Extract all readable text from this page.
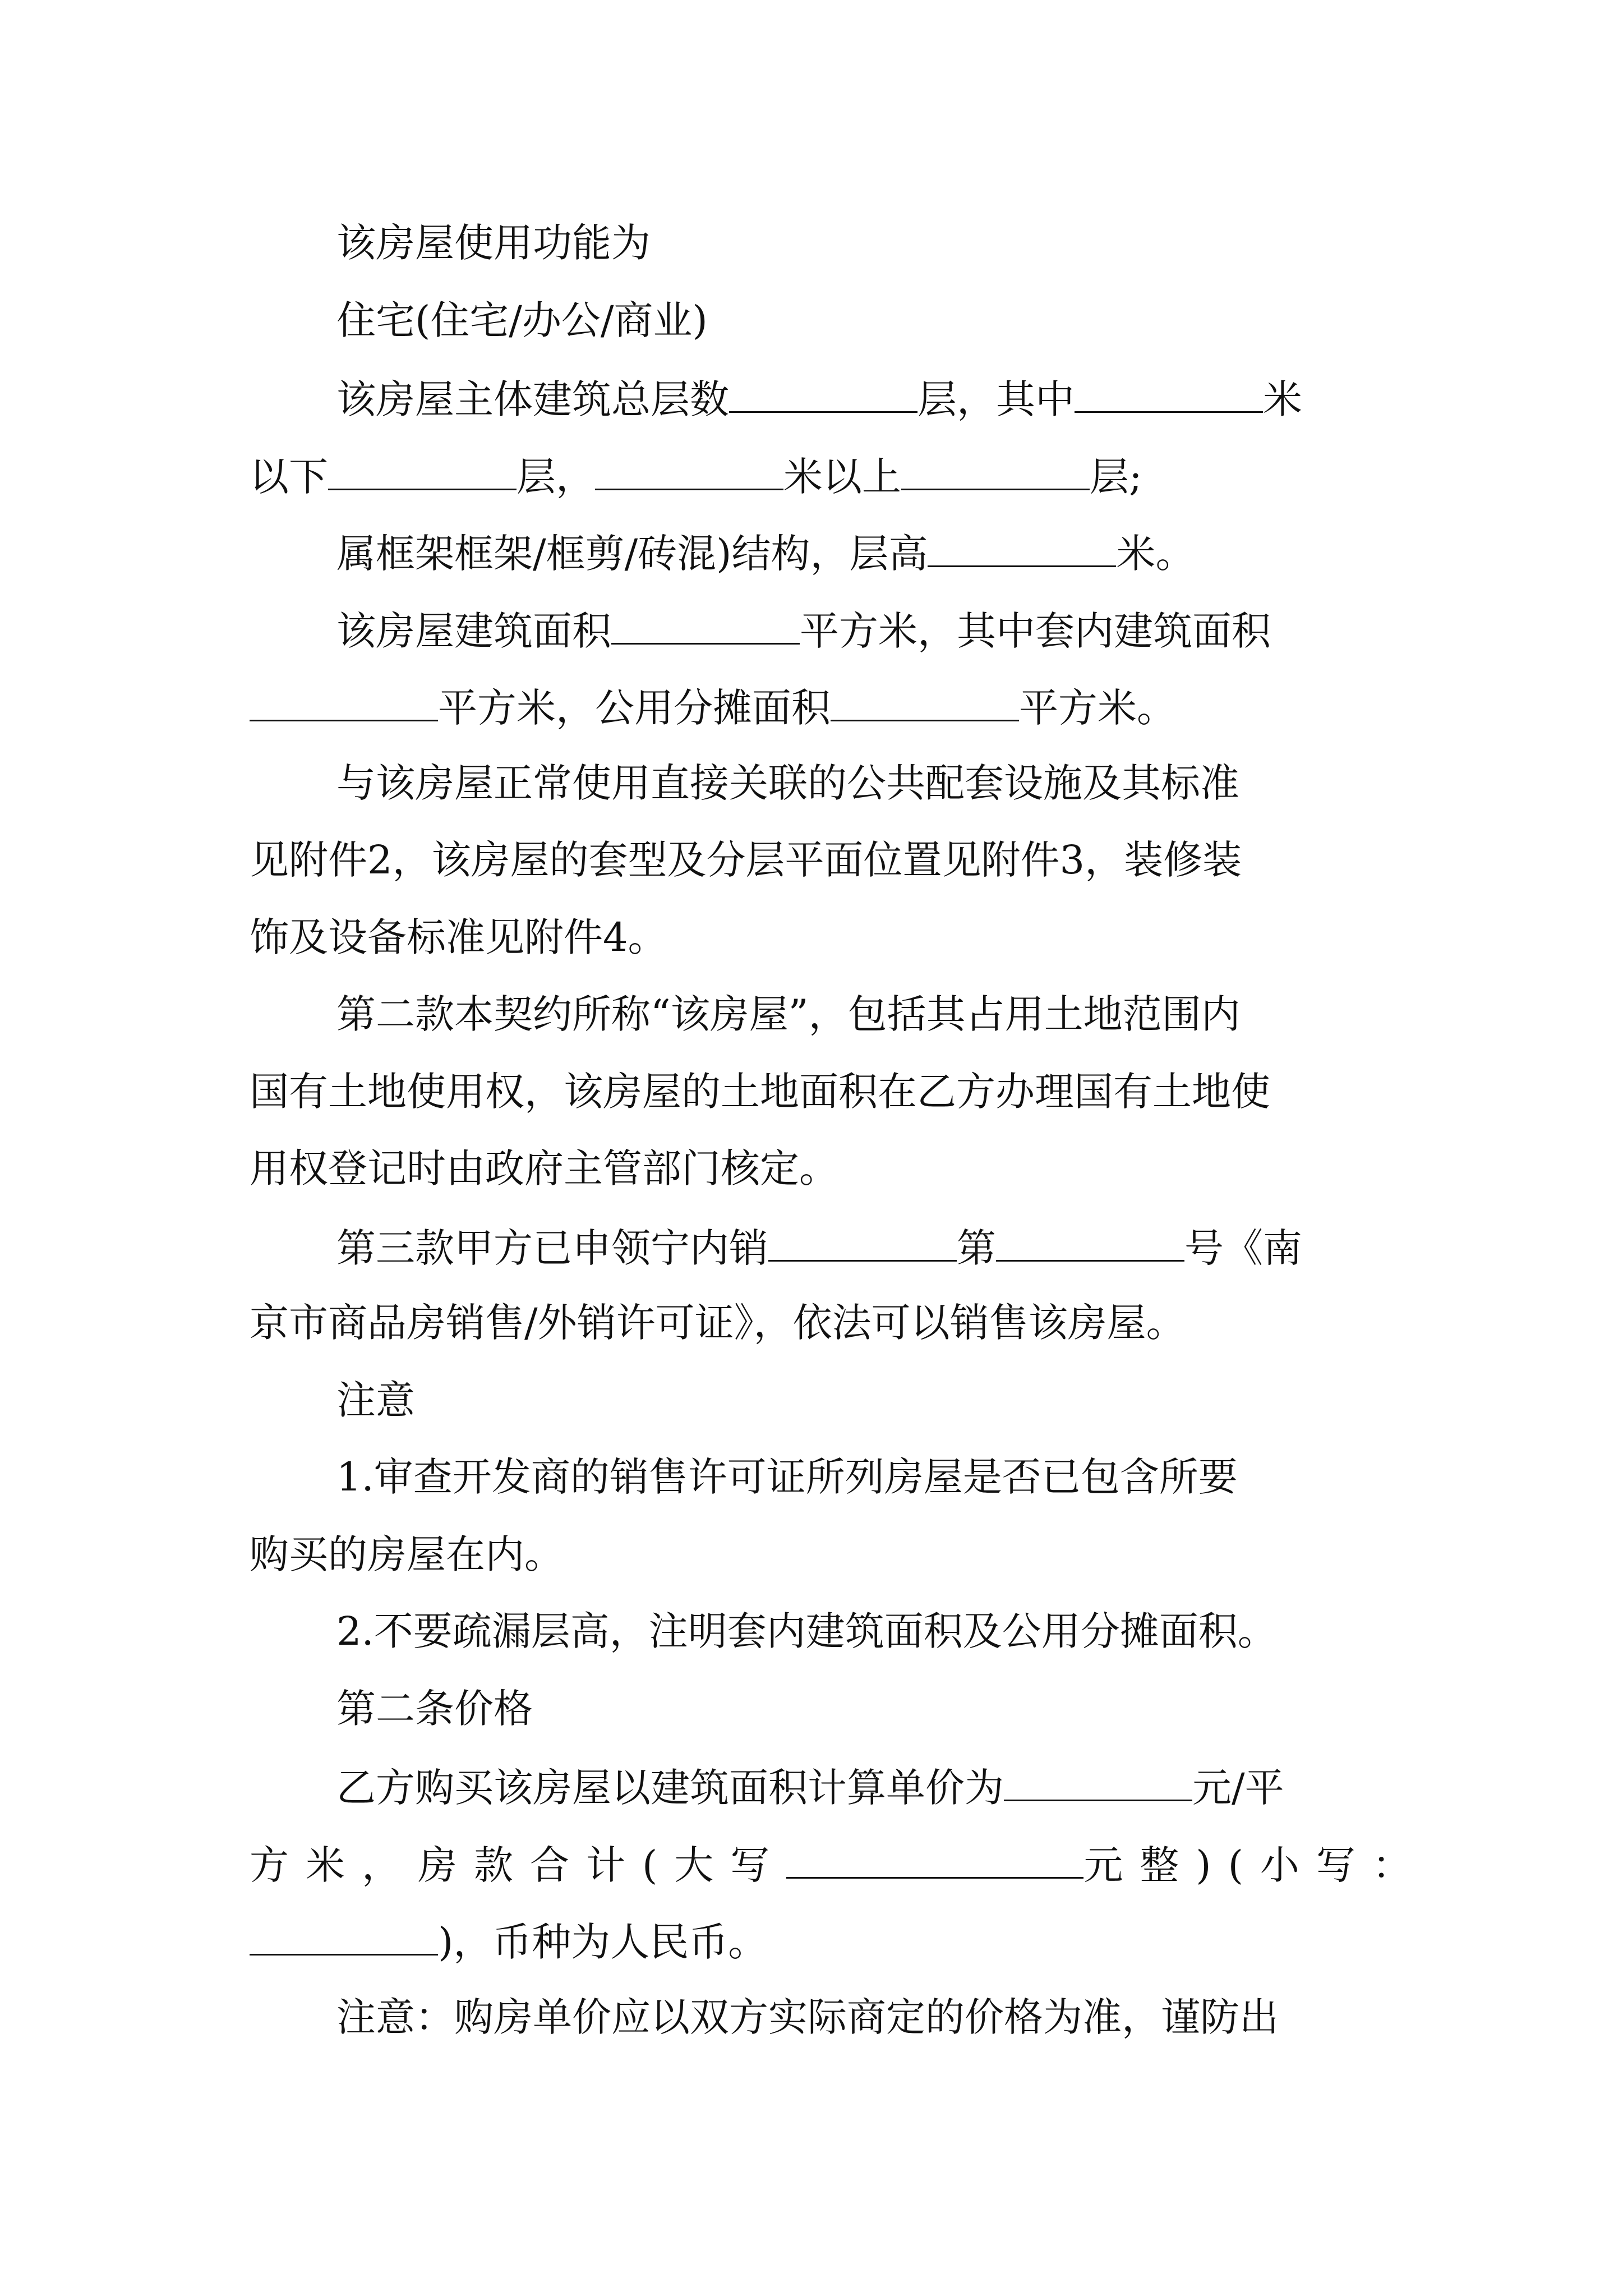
该房屋使用功能为
住宅(住宅/办公/商业)
该房屋主体建筑总层数	层，其中	米
以下	层，	米以上	层;
属框架框架/框剪/砖混)结构，层高	米。
该房屋建筑面积	平方米，其中套内建筑面积
平方米，公用分摊面积	平方米。
与该房屋正常使用直接关联的公共配套设施及其标准
见附件2，该房屋的套型及分层平面位置见附件3，装修装
饰及设备标准见附件4。
第二款本契约所称“该房屋”，包括其占用土地范围内
国有土地使用权，该房屋的土地面积在乙方办理国有土地使
用权登记时由政府主管部门核定。
第三款甲方已申领宁内销	第	号《南
京市商品房销售/外销许可证》，依法可以销售该房屋。
注意
1.审查开发商的销售许可证所列房屋是否已包含所要
购买的房屋在内。
2.不要疏漏层高，注明套内建筑面积及公用分摊面积。
第二条价格
乙方购买该房屋以建筑面积计算单价为	元/平
方米，房款合计(大写	元整)(小写：
)，币种为人民币。
注意：购房单价应以双方实际商定的价格为准，谨防出
